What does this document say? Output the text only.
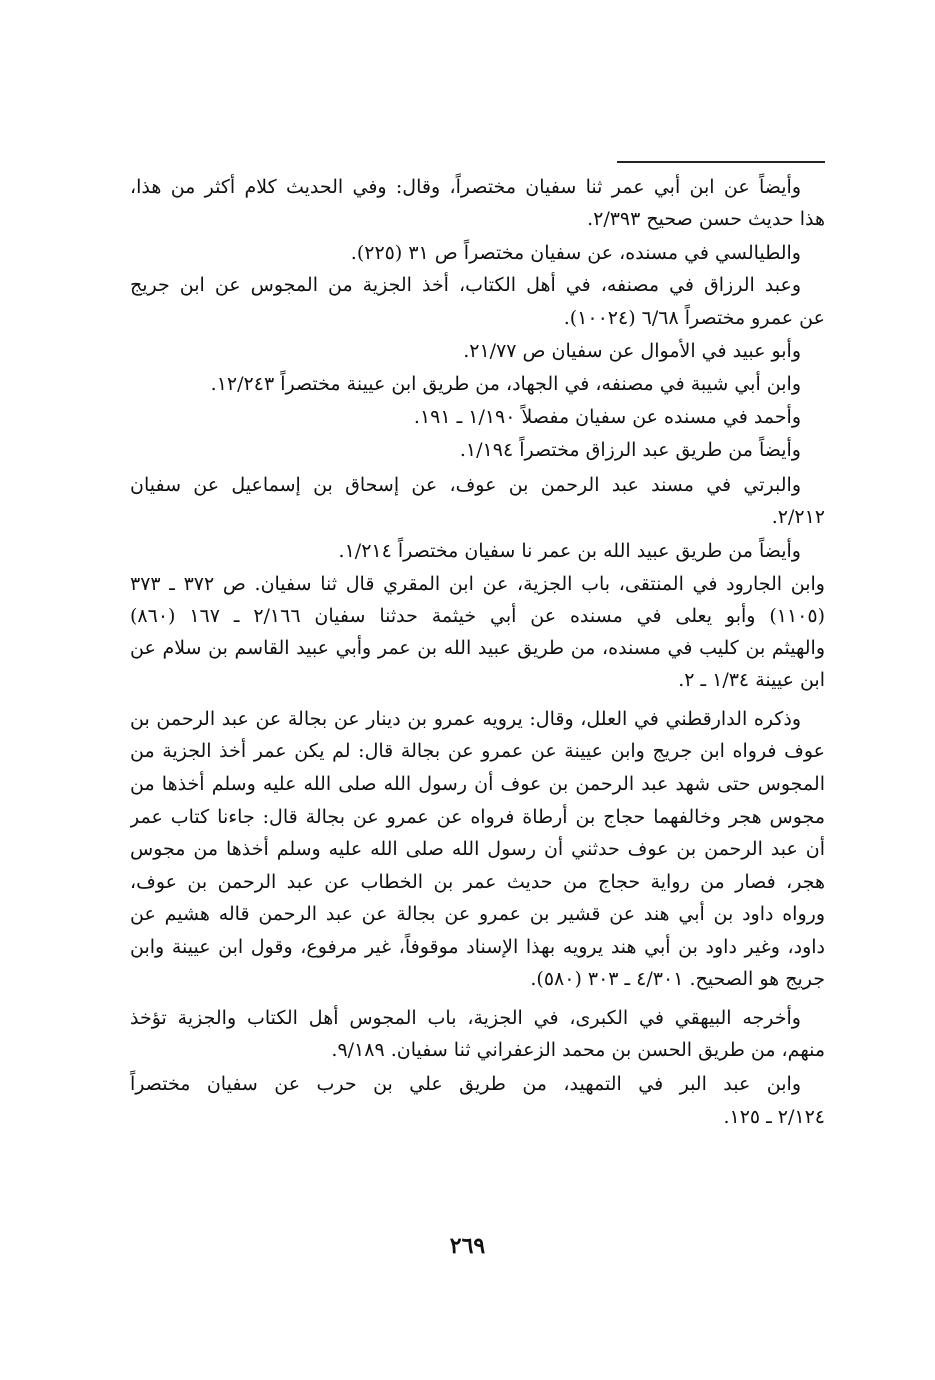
وأيضاً عن ابن أبي عمر ثنا سفيان مختصراً، وقال: وفي الحديث كلام أكثر من هذا،
هذا حديث حسن صحيح ٢/٣٩٣.
والطيالسي في مسنده، عن سفيان مختصراً ص ٣١ (٢٢٥).
وعبد الرزاق في مصنفه، في أهل الكتاب، أخذ الجزية من المجوس عن ابن جريج
عن عمرو مختصراً ٦/٦٨ (١٠٠٢٤).
وأبو عبيد في الأموال عن سفيان ص ٢١/٧٧.
وابن أبي شيبة في مصنفه، في الجهاد، من طريق ابن عيينة مختصراً ١٢/٢٤٣.
وأحمد في مسنده عن سفيان مفصلاً ١/١٩٠ ـ ١٩١.
وأيضاً من طريق عبد الرزاق مختصراً ١/١٩٤.
والبرتي في مسند عبد الرحمن بن عوف، عن إسحاق بن إسماعيل عن سفيان
٢/٢١٢.
وأيضاً من طريق عبيد الله بن عمر نا سفيان مختصراً ١/٢١٤.
وابن الجارود في المنتقى، باب الجزية، عن ابن المقري قال ثنا سفيان. ص ٣٧٢ ـ ٣٧٣
(١١٠٥) وأبو يعلى في مسنده عن أبي خيثمة حدثنا سفيان ٢/١٦٦ ـ ١٦٧ (٨٦٠)
والهيثم بن كليب في مسنده، من طريق عبيد الله بن عمر وأبي عبيد القاسم بن سلام عن
ابن عيينة ١/٣٤ ـ ٢.
وذكره الدارقطني في العلل، وقال: يرويه عمرو بن دينار عن بجالة عن عبد الرحمن بن
عوف فرواه ابن جريج وابن عيينة عن عمرو عن بجالة قال: لم يكن عمر أخذ الجزية من
المجوس حتى شهد عبد الرحمن بن عوف أن رسول الله صلى الله عليه وسلم أخذها من
مجوس هجر وخالفهما حجاج بن أرطاة فرواه عن عمرو عن بجالة قال: جاءنا كتاب عمر
أن عبد الرحمن بن عوف حدثني أن رسول الله صلى الله عليه وسلم أخذها من مجوس
هجر، فصار من رواية حجاج من حديث عمر بن الخطاب عن عبد الرحمن بن عوف،
ورواه داود بن أبي هند عن قشير بن عمرو عن بجالة عن عبد الرحمن قاله هشيم عن
داود، وغير داود بن أبي هند يرويه بهذا الإسناد موقوفاً، غير مرفوع، وقول ابن عيينة وابن
جريج هو الصحيح. ٤/٣٠١ ـ ٣٠٣ (٥٨٠).
وأخرجه البيهقي في الكبرى، في الجزية، باب المجوس أهل الكتاب والجزية تؤخذ
منهم، من طريق الحسن بن محمد الزعفراني ثنا سفيان. ٩/١٨٩.
وابن عبد البر في التمهيد، من طريق علي بن حرب عن سفيان مختصراً
٢/١٢٤ ـ ١٢٥.
٢٦٩
